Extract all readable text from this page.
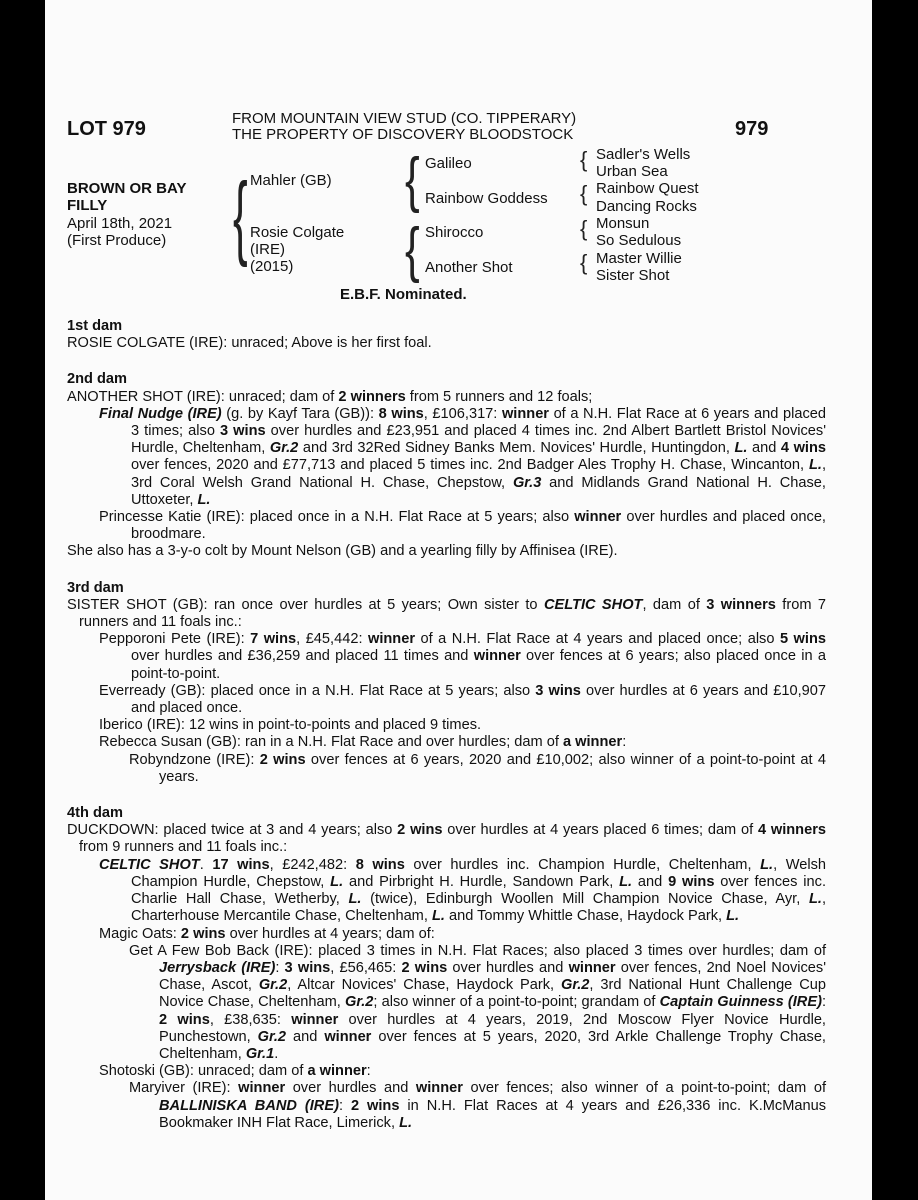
LOT 979	FROM MOUNTAIN VIEW STUD (CO. TIPPERARY)
THE PROPERTY OF DISCOVERY BLOODSTOCK	979
BROWN OR BAY
FILLY
April 18th, 2021
(First Produce) { Mahler (GB)
Rosie Colgate
(IRE)
(2015)
{
{
Galileo
Rainbow Goddess
Shirocco
Another Shot
{
{
{
{
Sadler's Wells
Urban Sea
Rainbow Quest
Dancing Rocks
Monsun
So Sedulous
Master Willie
Sister Shot
E.B.F. Nominated.
1st dam
ROSIE COLGATE (IRE): unraced; Above is her first foal.
2nd dam
ANOTHER SHOT (IRE): unraced; dam of 2 winners from 5 runners and 12 foals;
Final Nudge (IRE) (g. by Kayf Tara (GB)): 8 wins, £106,317: winner of a N.H. Flat Race at 6 years and placed 3 times; also 3 wins over hurdles and £23,951 and placed 4 times inc. 2nd Albert Bartlett Bristol Novices' Hurdle, Cheltenham, Gr.2 and 3rd 32Red Sidney Banks Mem. Novices' Hurdle, Huntingdon, L. and 4 wins over fences, 2020 and £77,713 and placed 5 times inc. 2nd Badger Ales Trophy H. Chase, Wincanton, L., 3rd Coral Welsh Grand National H. Chase, Chepstow, Gr.3 and Midlands Grand National H. Chase, Uttoxeter, L.
Princesse Katie (IRE): placed once in a N.H. Flat Race at 5 years; also winner over hurdles and placed once, broodmare.
She also has a 3-y-o colt by Mount Nelson (GB) and a yearling filly by Affinisea (IRE).
3rd dam
SISTER SHOT (GB): ran once over hurdles at 5 years; Own sister to CELTIC SHOT, dam of 3 winners from 7 runners and 11 foals inc.:
Pepporoni Pete (IRE): 7 wins, £45,442: winner of a N.H. Flat Race at 4 years and placed once; also 5 wins over hurdles and £36,259 and placed 11 times and winner over fences at 6 years; also placed once in a point-to-point.
Everready (GB): placed once in a N.H. Flat Race at 5 years; also 3 wins over hurdles at 6 years and £10,907 and placed once.
Iberico (IRE): 12 wins in point-to-points and placed 9 times.
Rebecca Susan (GB): ran in a N.H. Flat Race and over hurdles; dam of a winner:
Robyndzone (IRE): 2 wins over fences at 6 years, 2020 and £10,002; also winner of a point-to-point at 4 years.
4th dam
DUCKDOWN: placed twice at 3 and 4 years; also 2 wins over hurdles at 4 years placed 6 times; dam of 4 winners from 9 runners and 11 foals inc.:
CELTIC SHOT. 17 wins, £242,482: 8 wins over hurdles inc. Champion Hurdle, Cheltenham, L., Welsh Champion Hurdle, Chepstow, L. and Pirbright H. Hurdle, Sandown Park, L. and 9 wins over fences inc. Charlie Hall Chase, Wetherby, L. (twice), Edinburgh Woollen Mill Champion Novice Chase, Ayr, L., Charterhouse Mercantile Chase, Cheltenham, L. and Tommy Whittle Chase, Haydock Park, L.
Magic Oats: 2 wins over hurdles at 4 years; dam of:
Get A Few Bob Back (IRE): placed 3 times in N.H. Flat Races; also placed 3 times over hurdles; dam of Jerrysback (IRE): 3 wins, £56,465: 2 wins over hurdles and winner over fences, 2nd Noel Novices' Chase, Ascot, Gr.2, Altcar Novices' Chase, Haydock Park, Gr.2, 3rd National Hunt Challenge Cup Novice Chase, Cheltenham, Gr.2; also winner of a point-to-point; grandam of Captain Guinness (IRE): 2 wins, £38,635: winner over hurdles at 4 years, 2019, 2nd Moscow Flyer Novice Hurdle, Punchestown, Gr.2 and winner over fences at 5 years, 2020, 3rd Arkle Challenge Trophy Chase, Cheltenham, Gr.1.
Shotoski (GB): unraced; dam of a winner:
Maryiver (IRE): winner over hurdles and winner over fences; also winner of a point-to-point; dam of BALLINISKA BAND (IRE): 2 wins in N.H. Flat Races at 4 years and £26,336 inc. K.McManus Bookmaker INH Flat Race, Limerick, L.
